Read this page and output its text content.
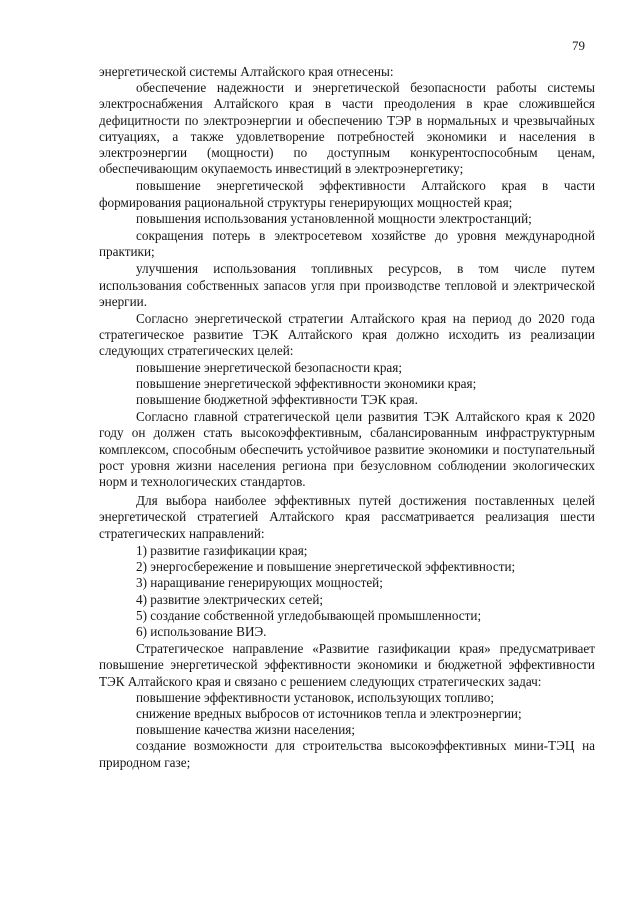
79

энергетической системы Алтайского края отнесены:

обеспечение надежности и энергетической безопасности работы системы электроснабжения Алтайского края в части преодоления в крае сложившейся дефицитности по электроэнергии и обеспечению ТЭР в нормальных и чрезвычайных ситуациях, а также удовлетворение потребностей экономики и населения в электроэнергии (мощности) по доступным конкурентоспособным ценам, обеспечивающим окупаемость инвестиций в электроэнергетику;

повышение энергетической эффективности Алтайского края в части формирования рациональной структуры генерирующих мощностей края;

повышения использования установленной мощности электростанций;

сокращения потерь в электросетевом хозяйстве до уровня международной практики;

улучшения использования топливных ресурсов, в том числе путем использования собственных запасов угля при производстве тепловой и электрической энергии.

Согласно энергетической стратегии Алтайского края на период до 2020 года стратегическое развитие ТЭК Алтайского края должно исходить из реализации следующих стратегических целей:

повышение энергетической безопасности края;

повышение энергетической эффективности экономики края;

повышение бюджетной эффективности ТЭК края.

Согласно главной стратегической цели развития ТЭК Алтайского края к 2020 году он должен стать высокоэффективным, сбалансированным инфраструктурным комплексом, способным обеспечить устойчивое развитие экономики и поступательный рост уровня жизни населения региона при безусловном соблюдении экологических норм и технологических стандартов.

Для выбора наиболее эффективных путей достижения поставленных целей энергетической стратегией Алтайского края рассматривается реализация шести стратегических направлений:

1) развитие газификации края;

2) энергосбережение и повышение энергетической эффективности;

3) наращивание генерирующих мощностей;

4) развитие электрических сетей;

5) создание собственной угледобывающей промышленности;

6) использование ВИЭ.

Стратегическое направление «Развитие газификации края» предусматривает повышение энергетической эффективности экономики и бюджетной эффективности ТЭК Алтайского края и связано с решением следующих стратегических задач:

повышение эффективности установок, использующих топливо;

снижение вредных выбросов от источников тепла и электроэнергии;

повышение качества жизни населения;

создание возможности для строительства высокоэффективных мини-ТЭЦ на природном газе;
